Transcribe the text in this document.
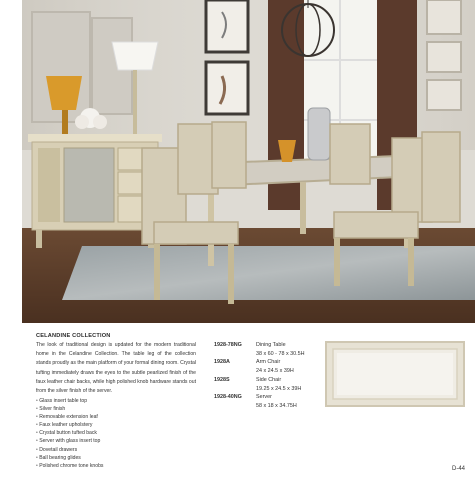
CELANDINE COLLECTION

The look of traditional design is updated for the modern traditional home in the Celandine Collection. The table leg of the collection stands proudly as the main platform of your formal dining room. Crystal tufting immediately draws the eyes to the subtle pearlized finish of the faux leather chair backs, while high polished knob hardware stands out from the silver finish of the server.

• Glass insert table top
• Silver finish
• Removable extension leaf
• Faux leather upholstery
• Crystal button tufted back
• Server with glass insert top
• Dovetail drawers
• Ball bearing glides
• Polished chrome tone knobs
1928-78NG	Dining Table
	38 x 60 - 78 x 30.5H
1928A	Arm Chair
	24 x 24.5 x 39H
1928S	Side Chair
	19.25 x 24.5 x 39H
1928-40NG	Server
	58 x 18 x 34.75H
D-44
